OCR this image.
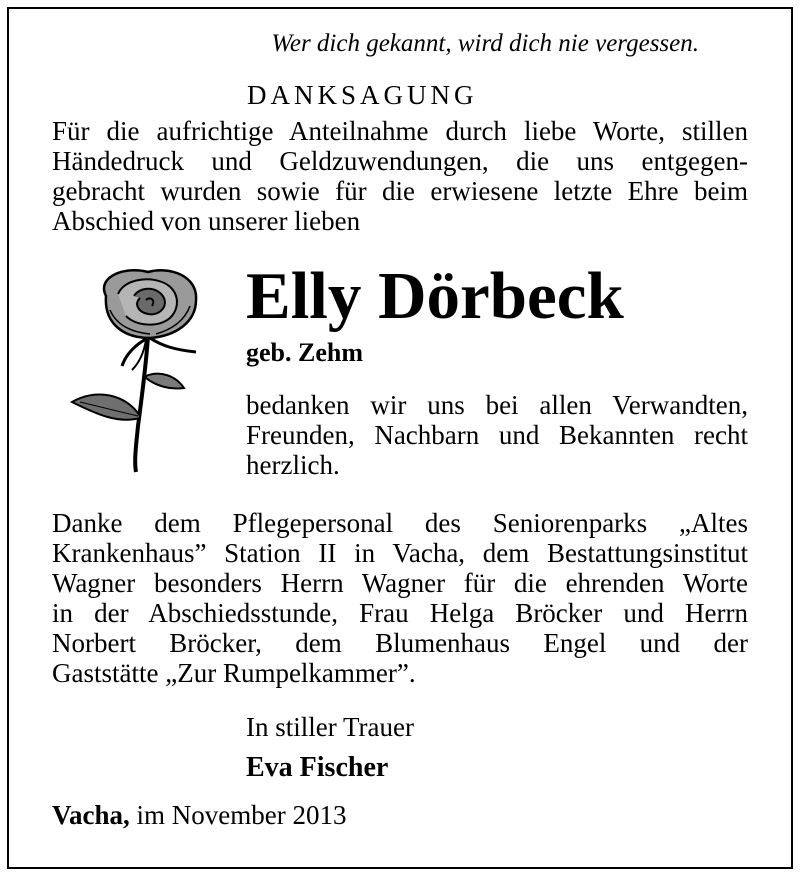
Wer dich gekannt, wird dich nie vergessen.
DANKSAGUNG
Für die aufrichtige Anteilnahme durch liebe Worte, stillen
Händedruck und Geldzuwendungen, die uns entgegen-
gebracht wurden sowie für die erwiesene letzte Ehre beim
Abschied von unserer lieben
Elly Dörbeck
geb. Zehm
bedanken wir uns bei allen Verwandten,
Freunden, Nachbarn und Bekannten recht
herzlich.
Danke dem Pflegepersonal des Seniorenparks „Altes
Krankenhaus” Station II in Vacha, dem Bestattungsinstitut
Wagner besonders Herrn Wagner für die ehrenden Worte
in der Abschiedsstunde, Frau Helga Bröcker und Herrn
Norbert Bröcker, dem Blumenhaus Engel und der
Gaststätte „Zur Rumpelkammer”.
In stiller Trauer
Eva Fischer
Vacha, im November 2013
